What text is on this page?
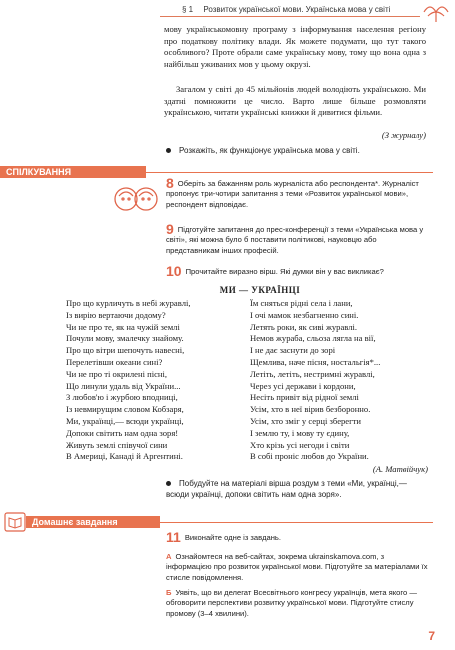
§ 1 Розвиток української мови. Українська мова у світі
мову українськомовну програму з інформування населення регіону про податкову політику влади. Як можете подумати, що тут такого особливого? Проте обрали саме українську мову, тому що вона одна з найбільш уживаних мов у цьому окрузі.
Загалом у світі до 45 мільйонів людей володіють українською. Ми здатні помножити це число. Варто лише більше розмовляти українською, читати українські книжки й дивитися фільми.
(З журналу)
Розкажіть, як функціонує українська мова у світі.
СПІЛКУВАННЯ
8 Оберіть за бажанням роль журналіста або респондента*. Журналіст пропонує три-чотири запитання з теми «Розвиток української мови», респондент відповідає.
9 Підготуйте запитання до прес-конференції з теми «Українська мова у світі», які можна було б поставити політикові, науковцю або представникам інших професій.
10 Прочитайте виразно вірш. Які думки він у вас викликає?
МИ — УКРАЇНЦІ
Про що курличуть в небі журавлі,
Із вирію вертаючи додому?
Чи не про те, як на чужій землі
Почули мову, змалечку знайому.
Про що вітри шепочуть навесні,
Перелетівши океани сині?
Чи не про ті окрилені пісні,
Що линули удаль від України...
З любов'ю і журбою вподниці,
Із невмирущим словом Кобзаря,
Ми, українці,— всюди українці,
Допоки світить нам одна зоря!
Живуть землі співучої сини
В Америці, Канаді й Аргентині.
Їм сняться рідні села і лани,
І очі мамок незбагненно сині.
Летять роки, як сиві журавлі.
Немов жураба, сльоза лягла на вії,
І не дає заснути до зорі
Щемлива, наче пісня, ностальгія*...
Летіть, летіть, нестримні журавлі,
Через усі держави і кордони,
Несіть привіт від рідної землі
Усім, хто в неї вірив безборонно.
Усім, хто зміг у серці зберегти
І землю ту, і мову ту єдину,
Хто крізь усі негоди і світи
В собі проніс любов до України.
(А. Матвійчук)
Побудуйте на матеріалі вірша роздум з теми «Ми, українці,— всюди українці, допоки світить нам одна зоря».
Домашнє завдання
11 Виконайте одне із завдань.
А Ознайомтеся на веб-сайтах, зокрема ukrainskamova.com, з інформацією про розвиток української мови. Підготуйте за матеріалами їх стисле повідомлення.
Б Уявіть, що ви делегат Всесвітнього конгресу українців, мета якого — обговорити перспективи розвитку української мови. Підготуйте стислу промову (3–4 хвилини).
7
